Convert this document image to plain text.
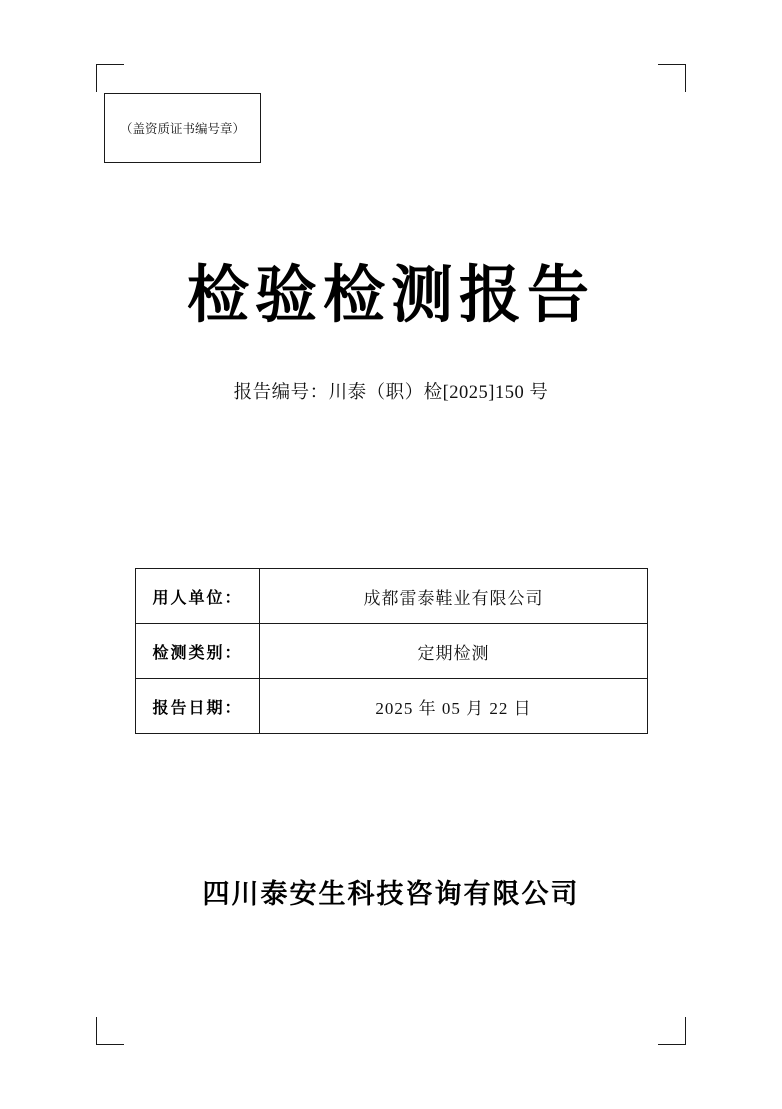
（盖资质证书编号章）
检验检测报告
报告编号：川泰（职）检[2025]150 号
用人单位：	成都雷泰鞋业有限公司
检测类别：	定期检测
报告日期：	2025 年 05 月 22 日
四川泰安生科技咨询有限公司
